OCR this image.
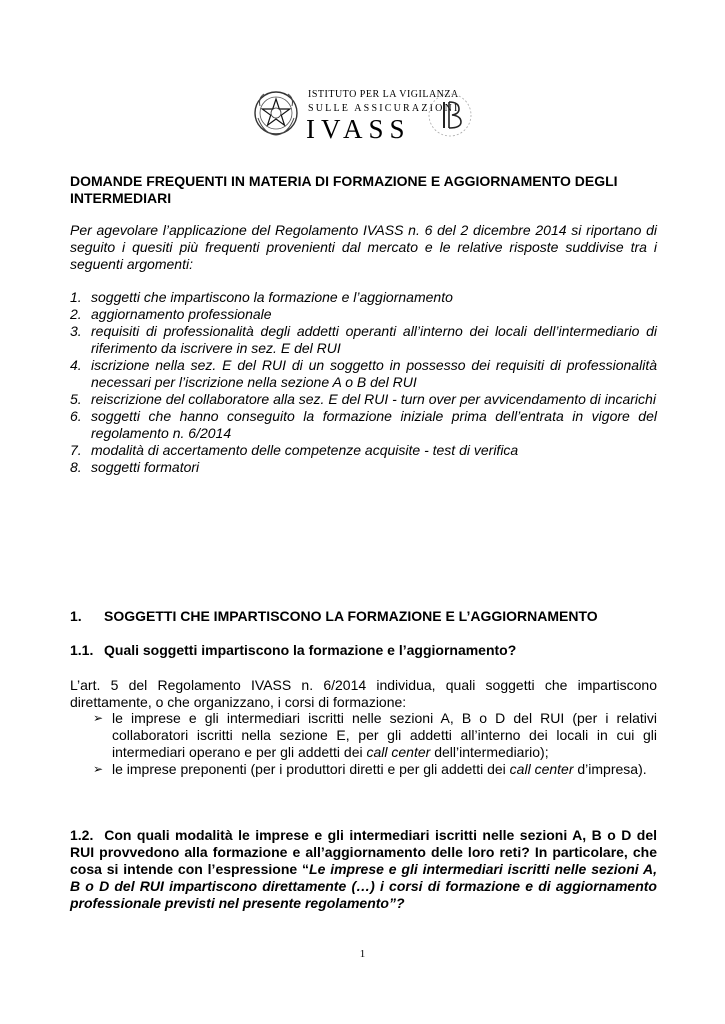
ISTITUTO PER LA VIGILANZA
SULLE ASSICURAZIONI
IVASS
DOMANDE FREQUENTI IN MATERIA DI FORMAZIONE E AGGIORNAMENTO DEGLI INTERMEDIARI
Per agevolare l’applicazione del Regolamento IVASS n. 6 del 2 dicembre 2014 si riportano di seguito i quesiti più frequenti provenienti dal mercato e le relative risposte suddivise tra i seguenti argomenti:
1. soggetti che impartiscono la formazione e l’aggiornamento
2. aggiornamento professionale
3. requisiti di professionalità degli addetti operanti all’interno dei locali dell’intermediario di riferimento da iscrivere in sez. E del RUI
4. iscrizione nella sez. E del RUI di un soggetto in possesso dei requisiti di professionalità necessari per l’iscrizione nella sezione A o B del RUI
5. reiscrizione del collaboratore alla sez. E del RUI - turn over per avvicendamento di incarichi
6. soggetti che hanno conseguito la formazione iniziale prima dell’entrata in vigore del regolamento n. 6/2014
7. modalità di accertamento delle competenze acquisite - test di verifica
8. soggetti formatori
1. SOGGETTI CHE IMPARTISCONO LA FORMAZIONE E L’AGGIORNAMENTO
1.1. Quali soggetti impartiscono la formazione e l’aggiornamento?
L’art. 5 del Regolamento IVASS n. 6/2014 individua, quali soggetti che impartiscono direttamente, o che organizzano, i corsi di formazione:
➢ le imprese e gli intermediari iscritti nelle sezioni A, B o D del RUI (per i relativi collaboratori iscritti nella sezione E, per gli addetti all’interno dei locali in cui gli intermediari operano e per gli addetti dei call center dell’intermediario);
➢ le imprese preponenti (per i produttori diretti e per gli addetti dei call center d’impresa).
1.2. Con quali modalità le imprese e gli intermediari iscritti nelle sezioni A, B o D del RUI provvedono alla formazione e all’aggiornamento delle loro reti? In particolare, che cosa si intende con l’espressione “Le imprese e gli intermediari iscritti nelle sezioni A, B o D del RUI impartiscono direttamente (…) i corsi di formazione e di aggiornamento professionale previsti nel presente regolamento”?
1
